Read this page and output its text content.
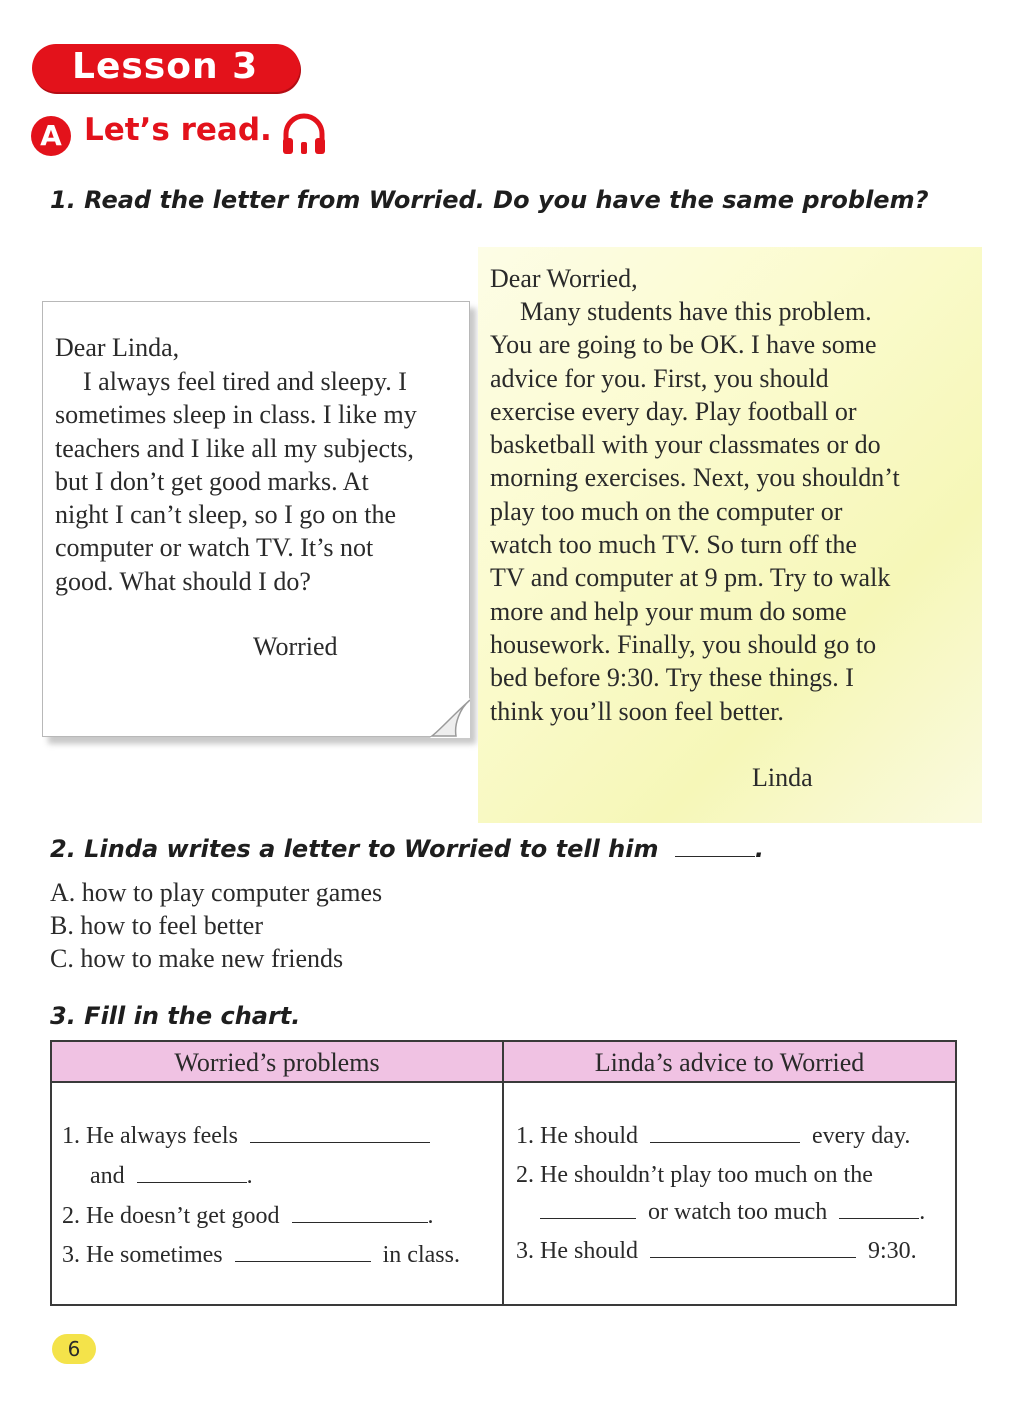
Lesson 3
A Let’s read.
1. Read the letter from Worried. Do you have the same problem?
Dear Linda,
I always feel tired and sleepy. I
sometimes sleep in class. I like my
teachers and I like all my subjects,
but I don’t get good marks. At
night I can’t sleep, so I go on the
computer or watch TV. It’s not
good. What should I do?
Worried
Dear Worried,
Many students have this problem.
You are going to be OK. I have some
advice for you. First, you should
exercise every day. Play football or
basketball with your classmates or do
morning exercises. Next, you shouldn’t
play too much on the computer or
watch too much TV. So turn off the
TV and computer at 9 pm. Try to walk
more and help your mum do some
housework. Finally, you should go to
bed before 9:30. Try these things. I
think you’ll soon feel better.
Linda
2. Linda writes a letter to Worried to tell him	.
A. how to play computer games
B. how to feel better
C. how to make new friends
3. Fill in the chart.
Worried’s problems	Linda’s advice to Worried
1. He always feels
and	.
2. He doesn’t get good	.
3. He sometimes	in class.
1. He should	every day.
2. He shouldn’t play too much on the
or watch too much	.
3. He should	9:30.
6
